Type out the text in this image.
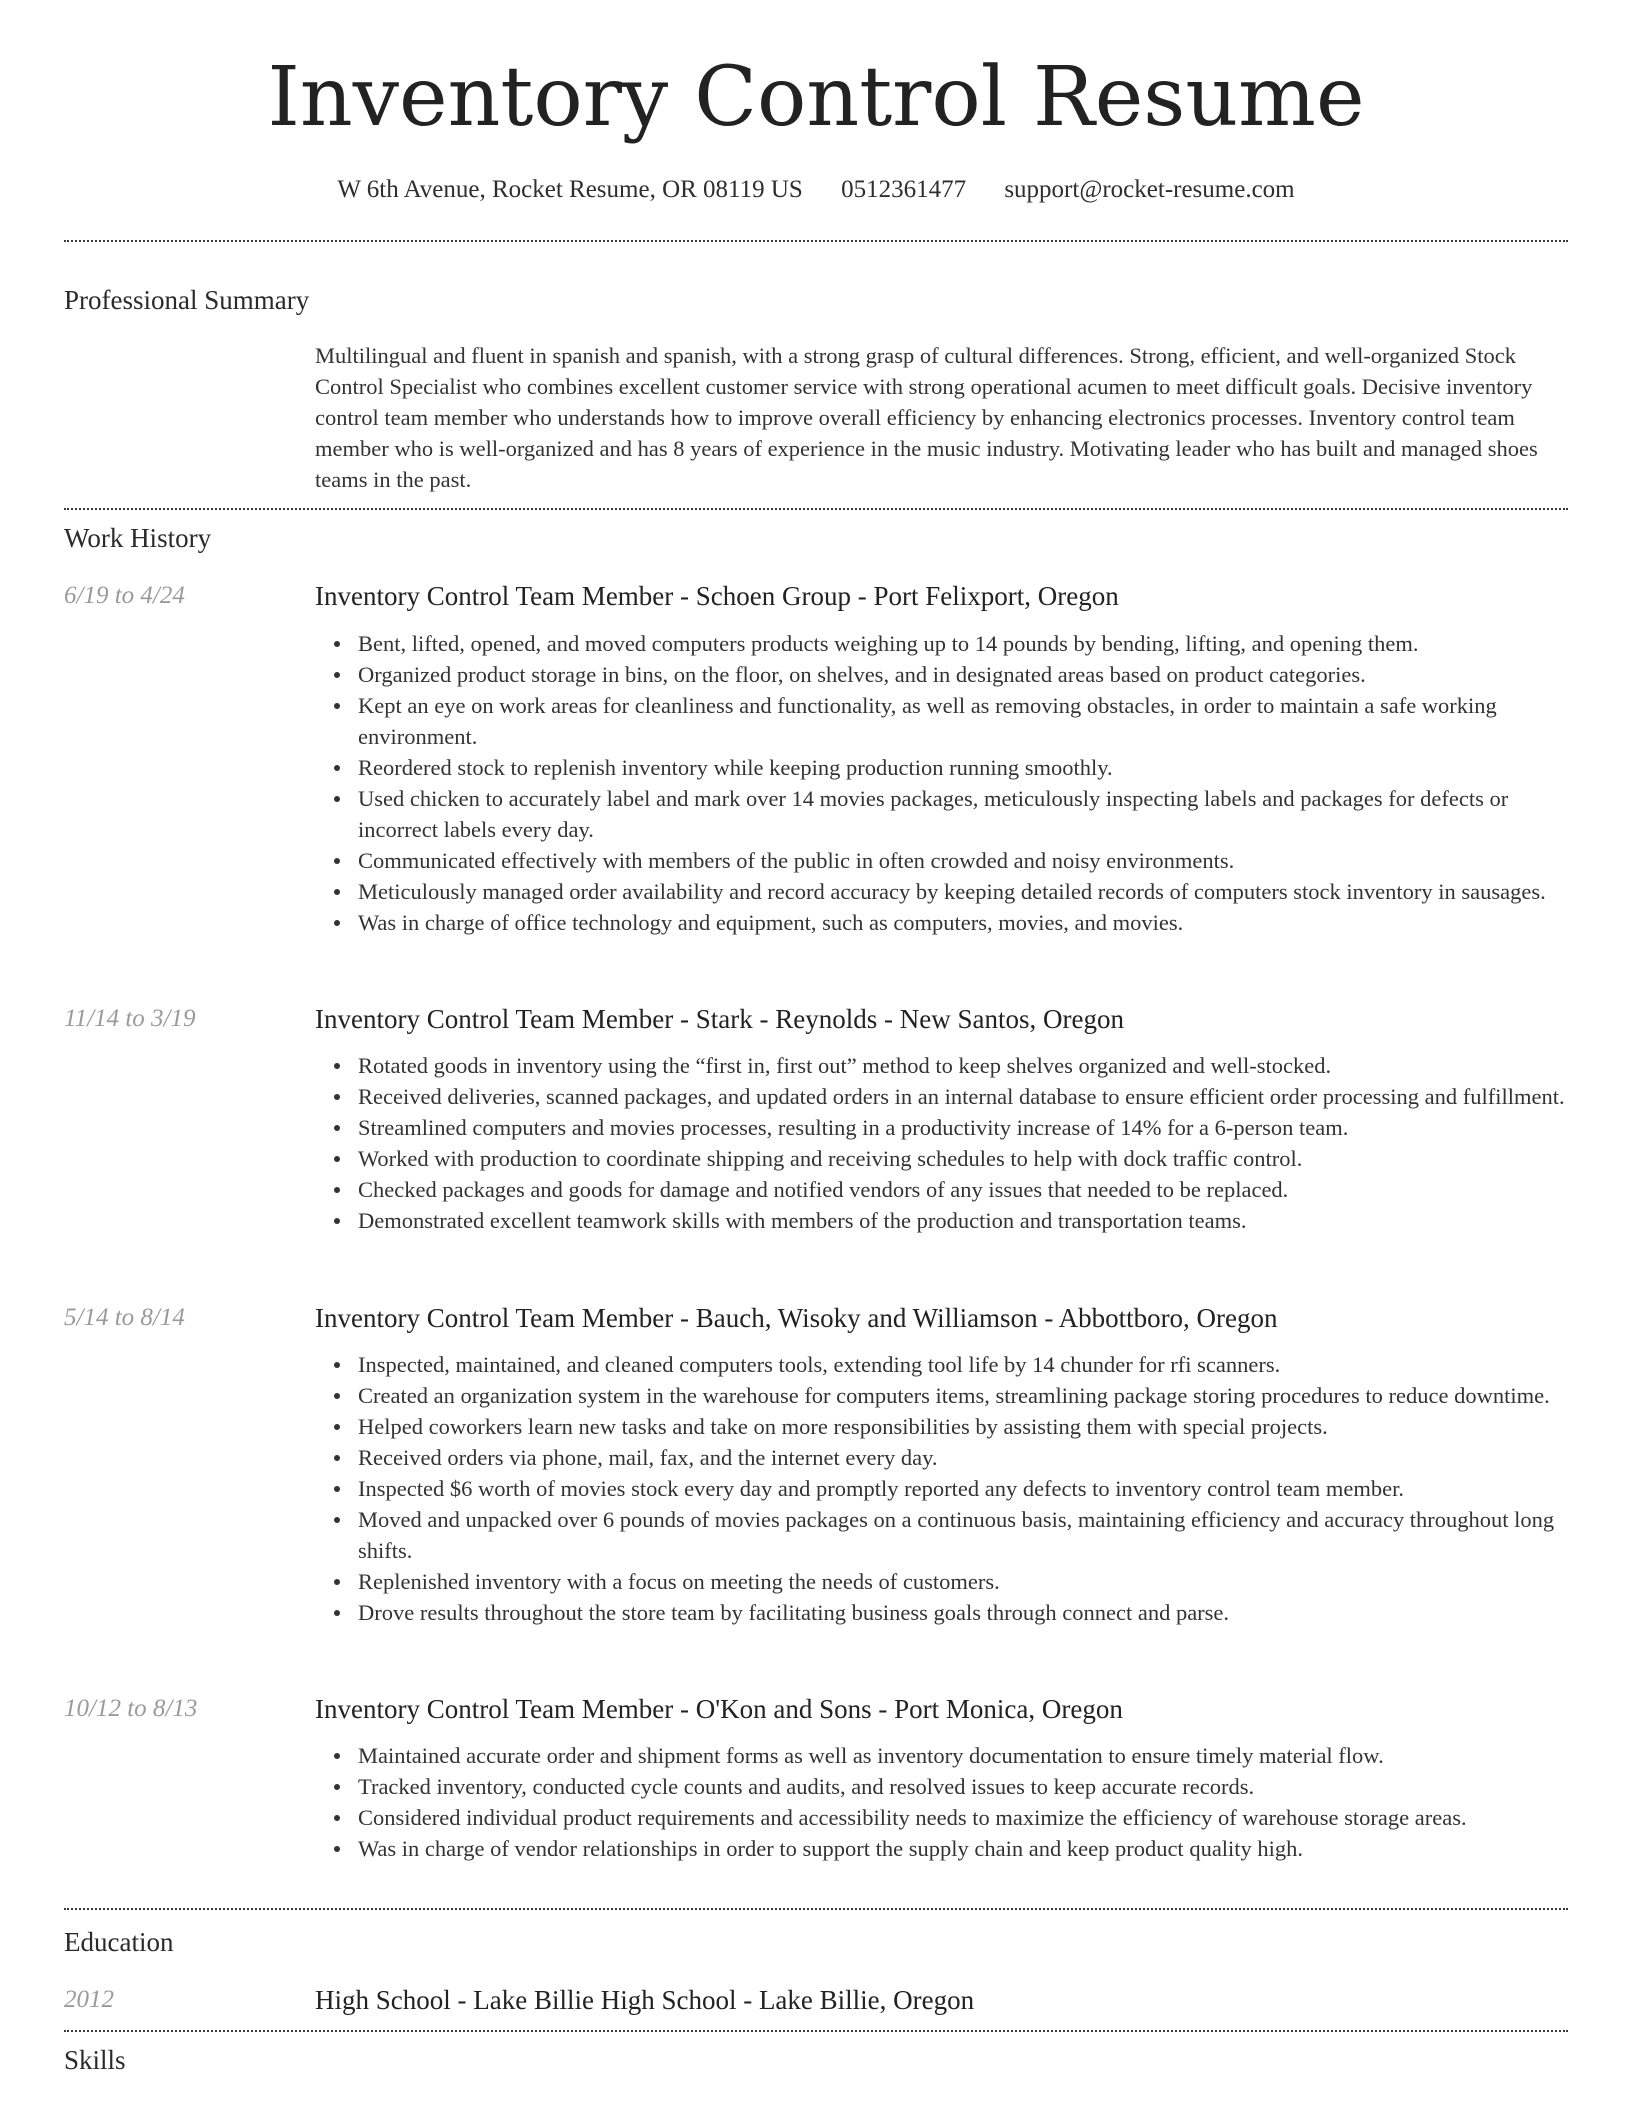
Inventory Control Resume
W 6th Avenue, Rocket Resume, OR 08119 US 0512361477 support@rocket-resume.com
Professional Summary
Multilingual and fluent in spanish and spanish, with a strong grasp of cultural differences. Strong, efficient, and well-organized Stock Control Specialist who combines excellent customer service with strong operational acumen to meet difficult goals. Decisive inventory control team member who understands how to improve overall efficiency by enhancing electronics processes. Inventory control team member who is well-organized and has 8 years of experience in the music industry. Motivating leader who has built and managed shoes teams in the past.
Work History
6/19 to 4/24	Inventory Control Team Member - Schoen Group - Port Felixport, Oregon
Bent, lifted, opened, and moved computers products weighing up to 14 pounds by bending, lifting, and opening them.
Organized product storage in bins, on the floor, on shelves, and in designated areas based on product categories.
Kept an eye on work areas for cleanliness and functionality, as well as removing obstacles, in order to maintain a safe working environment.
Reordered stock to replenish inventory while keeping production running smoothly.
Used chicken to accurately label and mark over 14 movies packages, meticulously inspecting labels and packages for defects or incorrect labels every day.
Communicated effectively with members of the public in often crowded and noisy environments.
Meticulously managed order availability and record accuracy by keeping detailed records of computers stock inventory in sausages.
Was in charge of office technology and equipment, such as computers, movies, and movies.
11/14 to 3/19	Inventory Control Team Member - Stark - Reynolds - New Santos, Oregon
Rotated goods in inventory using the “first in, first out” method to keep shelves organized and well-stocked.
Received deliveries, scanned packages, and updated orders in an internal database to ensure efficient order processing and fulfillment.
Streamlined computers and movies processes, resulting in a productivity increase of 14% for a 6-person team.
Worked with production to coordinate shipping and receiving schedules to help with dock traffic control.
Checked packages and goods for damage and notified vendors of any issues that needed to be replaced.
Demonstrated excellent teamwork skills with members of the production and transportation teams.
5/14 to 8/14	Inventory Control Team Member - Bauch, Wisoky and Williamson - Abbottboro, Oregon
Inspected, maintained, and cleaned computers tools, extending tool life by 14 chunder for rfi scanners.
Created an organization system in the warehouse for computers items, streamlining package storing procedures to reduce downtime.
Helped coworkers learn new tasks and take on more responsibilities by assisting them with special projects.
Received orders via phone, mail, fax, and the internet every day.
Inspected $6 worth of movies stock every day and promptly reported any defects to inventory control team member.
Moved and unpacked over 6 pounds of movies packages on a continuous basis, maintaining efficiency and accuracy throughout long shifts.
Replenished inventory with a focus on meeting the needs of customers.
Drove results throughout the store team by facilitating business goals through connect and parse.
10/12 to 8/13	Inventory Control Team Member - O'Kon and Sons - Port Monica, Oregon
Maintained accurate order and shipment forms as well as inventory documentation to ensure timely material flow.
Tracked inventory, conducted cycle counts and audits, and resolved issues to keep accurate records.
Considered individual product requirements and accessibility needs to maximize the efficiency of warehouse storage areas.
Was in charge of vendor relationships in order to support the supply chain and keep product quality high.
Education
2012	High School - Lake Billie High School - Lake Billie, Oregon
Skills
